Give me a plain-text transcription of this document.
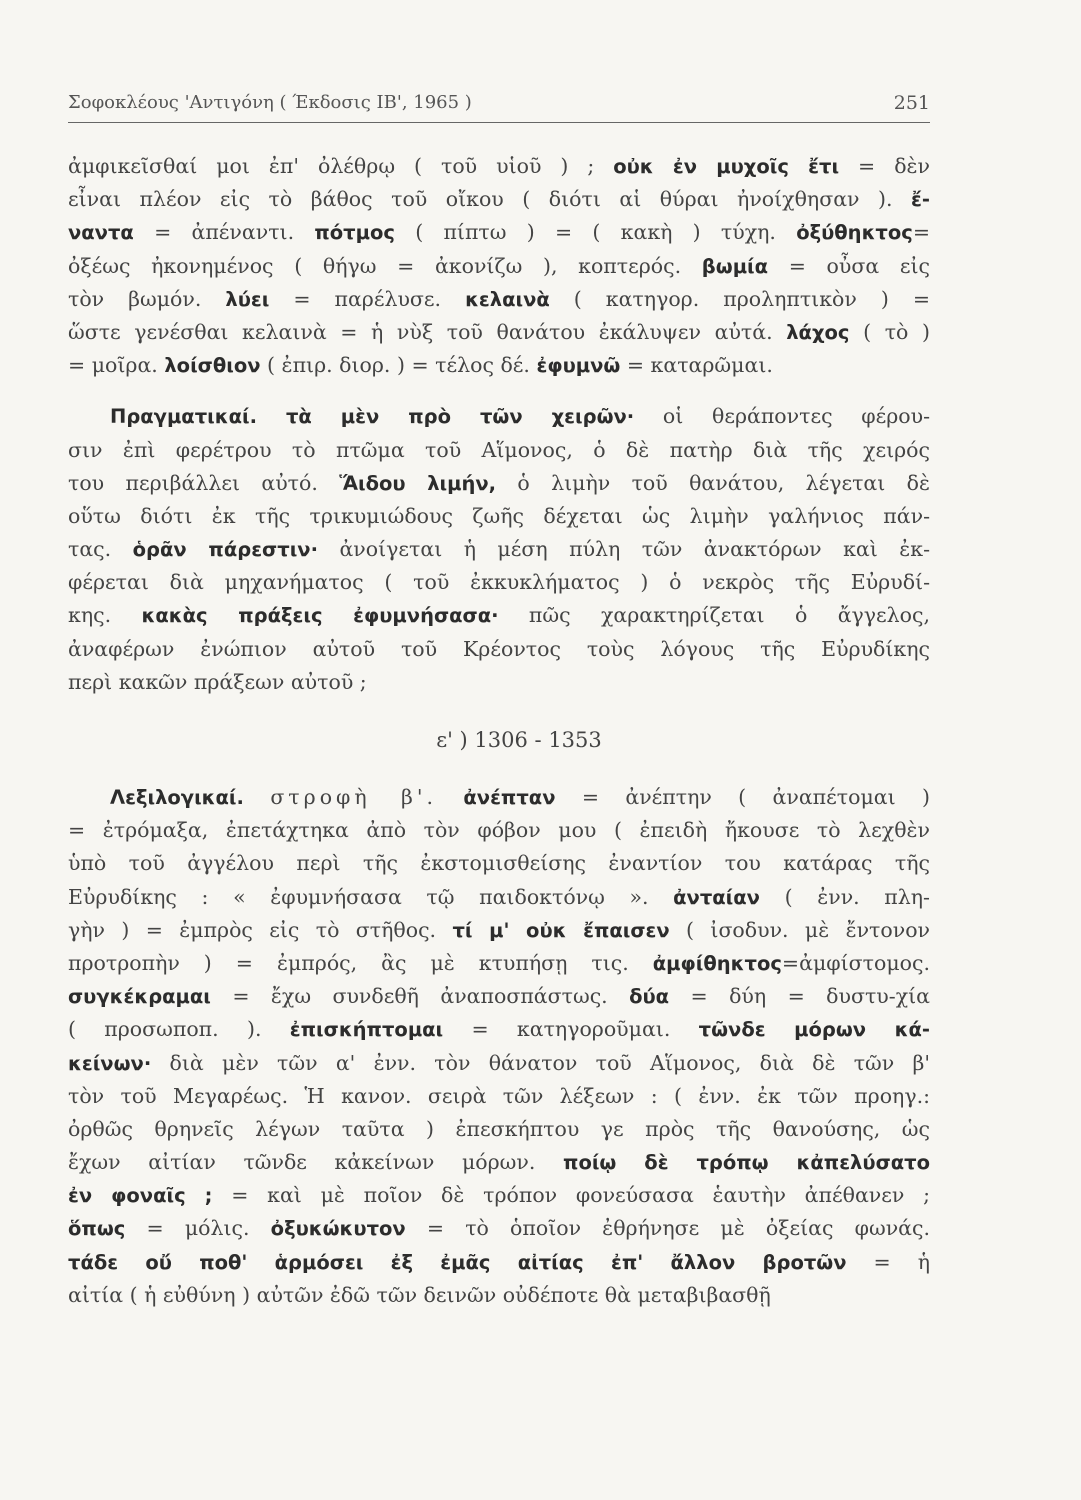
Σοφοκλέους 'Αντιγόνη ( Έκδοσις ΙΒ', 1965 )	251
ἀμφικεῖσθαί μοι ἐπ' ὀλέθρῳ ( τοῦ υἱοῦ ) ; οὐκ ἐν μυχοῖς ἔτι = δὲν
εἶναι πλέον εἰς τὸ βάθος τοῦ οἴκου ( διότι αἱ θύραι ἠνοίχθησαν ). ἔ-
ναντα = ἀπέναντι. πότμος ( πίπτω ) = ( κακὴ ) τύχη. ὀξύθηκτος=
ὀξέως ἠκονημένος ( θήγω = ἀκονίζω ), κοπτερός. βωμία = οὖσα εἰς
τὸν βωμόν. λύει = παρέλυσε. κελαινὰ ( κατηγορ. προληπτικὸν ) =
ὥστε γενέσθαι κελαινὰ = ἡ νὺξ τοῦ θανάτου ἐκάλυψεν αὐτά. λάχος ( τὸ )
= μοῖρα. λοίσθιον ( ἐπιρ. διορ. ) = τέλος δέ. ἐφυμνῶ = καταρῶμαι.
Πραγματικαί. τὰ μὲν πρὸ τῶν χειρῶν· οἱ θεράποντες φέρου-
σιν ἐπὶ φερέτρου τὸ πτῶμα τοῦ Αἵμονος, ὁ δὲ πατὴρ διὰ τῆς χειρός
του περιβάλλει αὐτό. Ἅιδου λιμήν, ὁ λιμὴν τοῦ θανάτου, λέγεται δὲ
οὕτω διότι ἐκ τῆς τρικυμιώδους ζωῆς δέχεται ὡς λιμὴν γαλήνιος πάν-
τας. ὁρᾶν πάρεστιν· ἀνοίγεται ἡ μέση πύλη τῶν ἀνακτόρων καὶ ἐκ-
φέρεται διὰ μηχανήματος ( τοῦ ἐκκυκλήματος ) ὁ νεκρὸς τῆς Εὐρυδί-
κης. κακὰς πράξεις ἐφυμνήσασα· πῶς χαρακτηρίζεται ὁ ἄγγελος,
ἀναφέρων ἐνώπιον αὐτοῦ τοῦ Κρέοντος τοὺς λόγους τῆς Εὐρυδίκης
περὶ κακῶν πράξεων αὐτοῦ ;
ε' ) 1306 - 1353
Λεξιλογικαί. στροφὴ β'. ἀνέπταν = ἀνέπτην ( ἀναπέτομαι )
= ἐτρόμαξα, ἐπετάχτηκα ἀπὸ τὸν φόβον μου ( ἐπειδὴ ἤκουσε τὸ λεχθὲν
ὑπὸ τοῦ ἀγγέλου περὶ τῆς ἐκστομισθείσης ἐναντίον του κατάρας τῆς
Εὐρυδίκης : « ἐφυμνήσασα τῷ παιδοκτόνῳ ». ἀνταίαν ( ἐνν. πλη-
γὴν ) = ἐμπρὸς εἰς τὸ στῆθος. τί μ' οὐκ ἔπαισεν ( ἰσοδυν. μὲ ἔντονον
προτροπὴν ) = ἐμπρός, ἂς μὲ κτυπήσῃ τις. ἀμφίθηκτος=ἀμφίστομος.
συγκέκραμαι = ἔχω συνδεθῆ ἀναποσπάστως. δύα = δύη = δυστυ-χία
( προσωποπ. ). ἐπισκήπτομαι = κατηγοροῦμαι. τῶνδε μόρων κά-
κείνων· διὰ μὲν τῶν α' ἐνν. τὸν θάνατον τοῦ Αἵμονος, διὰ δὲ τῶν β'
τὸν τοῦ Μεγαρέως. Ἡ κανον. σειρὰ τῶν λέξεων : ( ἐνν. ἐκ τῶν προηγ.:
ὀρθῶς θρηνεῖς λέγων ταῦτα ) ἐπεσκήπτου γε πρὸς τῆς θανούσης, ὡς
ἔχων αἰτίαν τῶνδε κἀκείνων μόρων. ποίῳ δὲ τρόπῳ κἀπελύσατο
ἐν φοναῖς ; = καὶ μὲ ποῖον δὲ τρόπον φονεύσασα ἑαυτὴν ἀπέθανεν ;
ὅπως = μόλις. ὀξυκώκυτον = τὸ ὁποῖον ἐθρήνησε μὲ ὀξείας φωνάς.
τάδε οὔ ποθ' ἁρμόσει ἐξ ἐμᾶς αἰτίας ἐπ' ἄλλον βροτῶν = ἡ
αἰτία ( ἡ εὐθύνη ) αὐτῶν ἐδῶ τῶν δεινῶν οὐδέποτε θὰ μεταβιβασθῇ
